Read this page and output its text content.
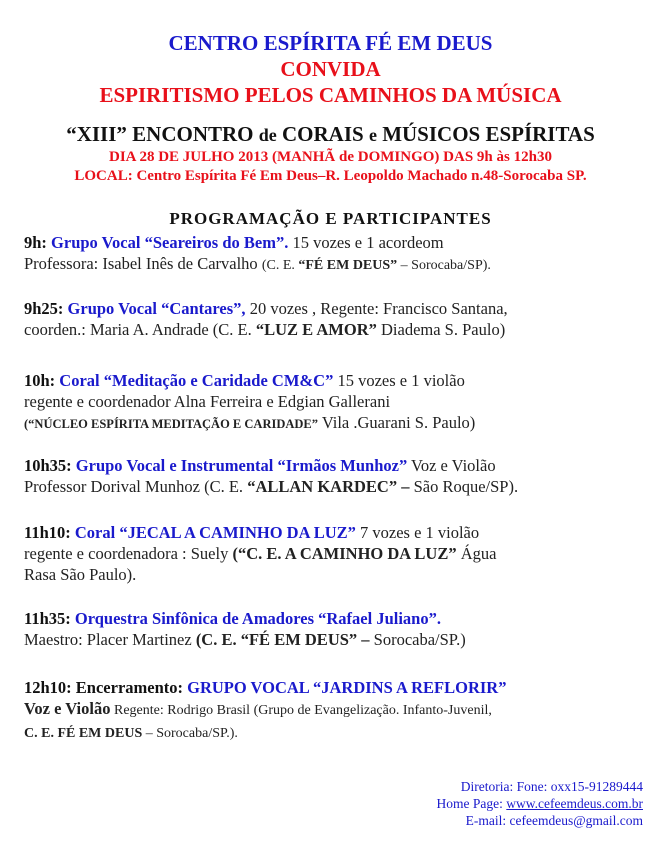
CENTRO ESPÍRITA FÉ EM DEUS

CONVIDA

ESPIRITISMO PELOS CAMINHOS DA MÚSICA

“XIII” ENCONTRO de CORAIS e MÚSICOS ESPÍRITAS

DIA 28 DE JULHO 2013 (MANHÃ de DOMINGO) DAS 9h às 12h30

LOCAL: Centro Espírita Fé Em Deus–R. Leopoldo Machado n.48-Sorocaba SP.

PROGRAMAÇÃO E PARTICIPANTES
9h: Grupo Vocal “Seareiros do Bem”. 15 vozes e 1 acordeom
Professora: Isabel Inês de Carvalho (C. E. “FÉ EM DEUS” – Sorocaba/SP).
9h25: Grupo Vocal “Cantares”, 20 vozes , Regente: Francisco Santana,
coorden.: Maria A. Andrade (C. E. “LUZ E AMOR” Diadema S. Paulo)
10h: Coral “Meditação e Caridade CM&C” 15 vozes e 1 violão
regente e coordenador Alna Ferreira e Edgian Gallerani
(“NÚCLEO ESPÍRITA MEDITAÇÃO E CARIDADE” Vila .Guarani S. Paulo)
10h35: Grupo Vocal e Instrumental “Irmãos Munhoz” Voz e Violão
Professor Dorival Munhoz (C. E. “ALLAN KARDEC” – São Roque/SP).
11h10: Coral “JECAL A CAMINHO DA LUZ” 7 vozes e 1 violão
regente e coordenadora : Suely (“C. E. A CAMINHO DA LUZ” Água
Rasa São Paulo).
11h35: Orquestra Sinfônica de Amadores “Rafael Juliano”.
Maestro: Placer Martinez (C. E. “FÉ EM DEUS” – Sorocaba/SP.)
12h10: Encerramento: GRUPO VOCAL “JARDINS A REFLORIR”
Voz e Violão Regente: Rodrigo Brasil (Grupo de Evangelização. Infanto-Juvenil,
C. E. FÉ EM DEUS – Sorocaba/SP.).
Diretoria: Fone: oxx15-91289444
Home Page: www.cefeemdeus.com.br
E-mail: cefeemdeus@gmail.com
